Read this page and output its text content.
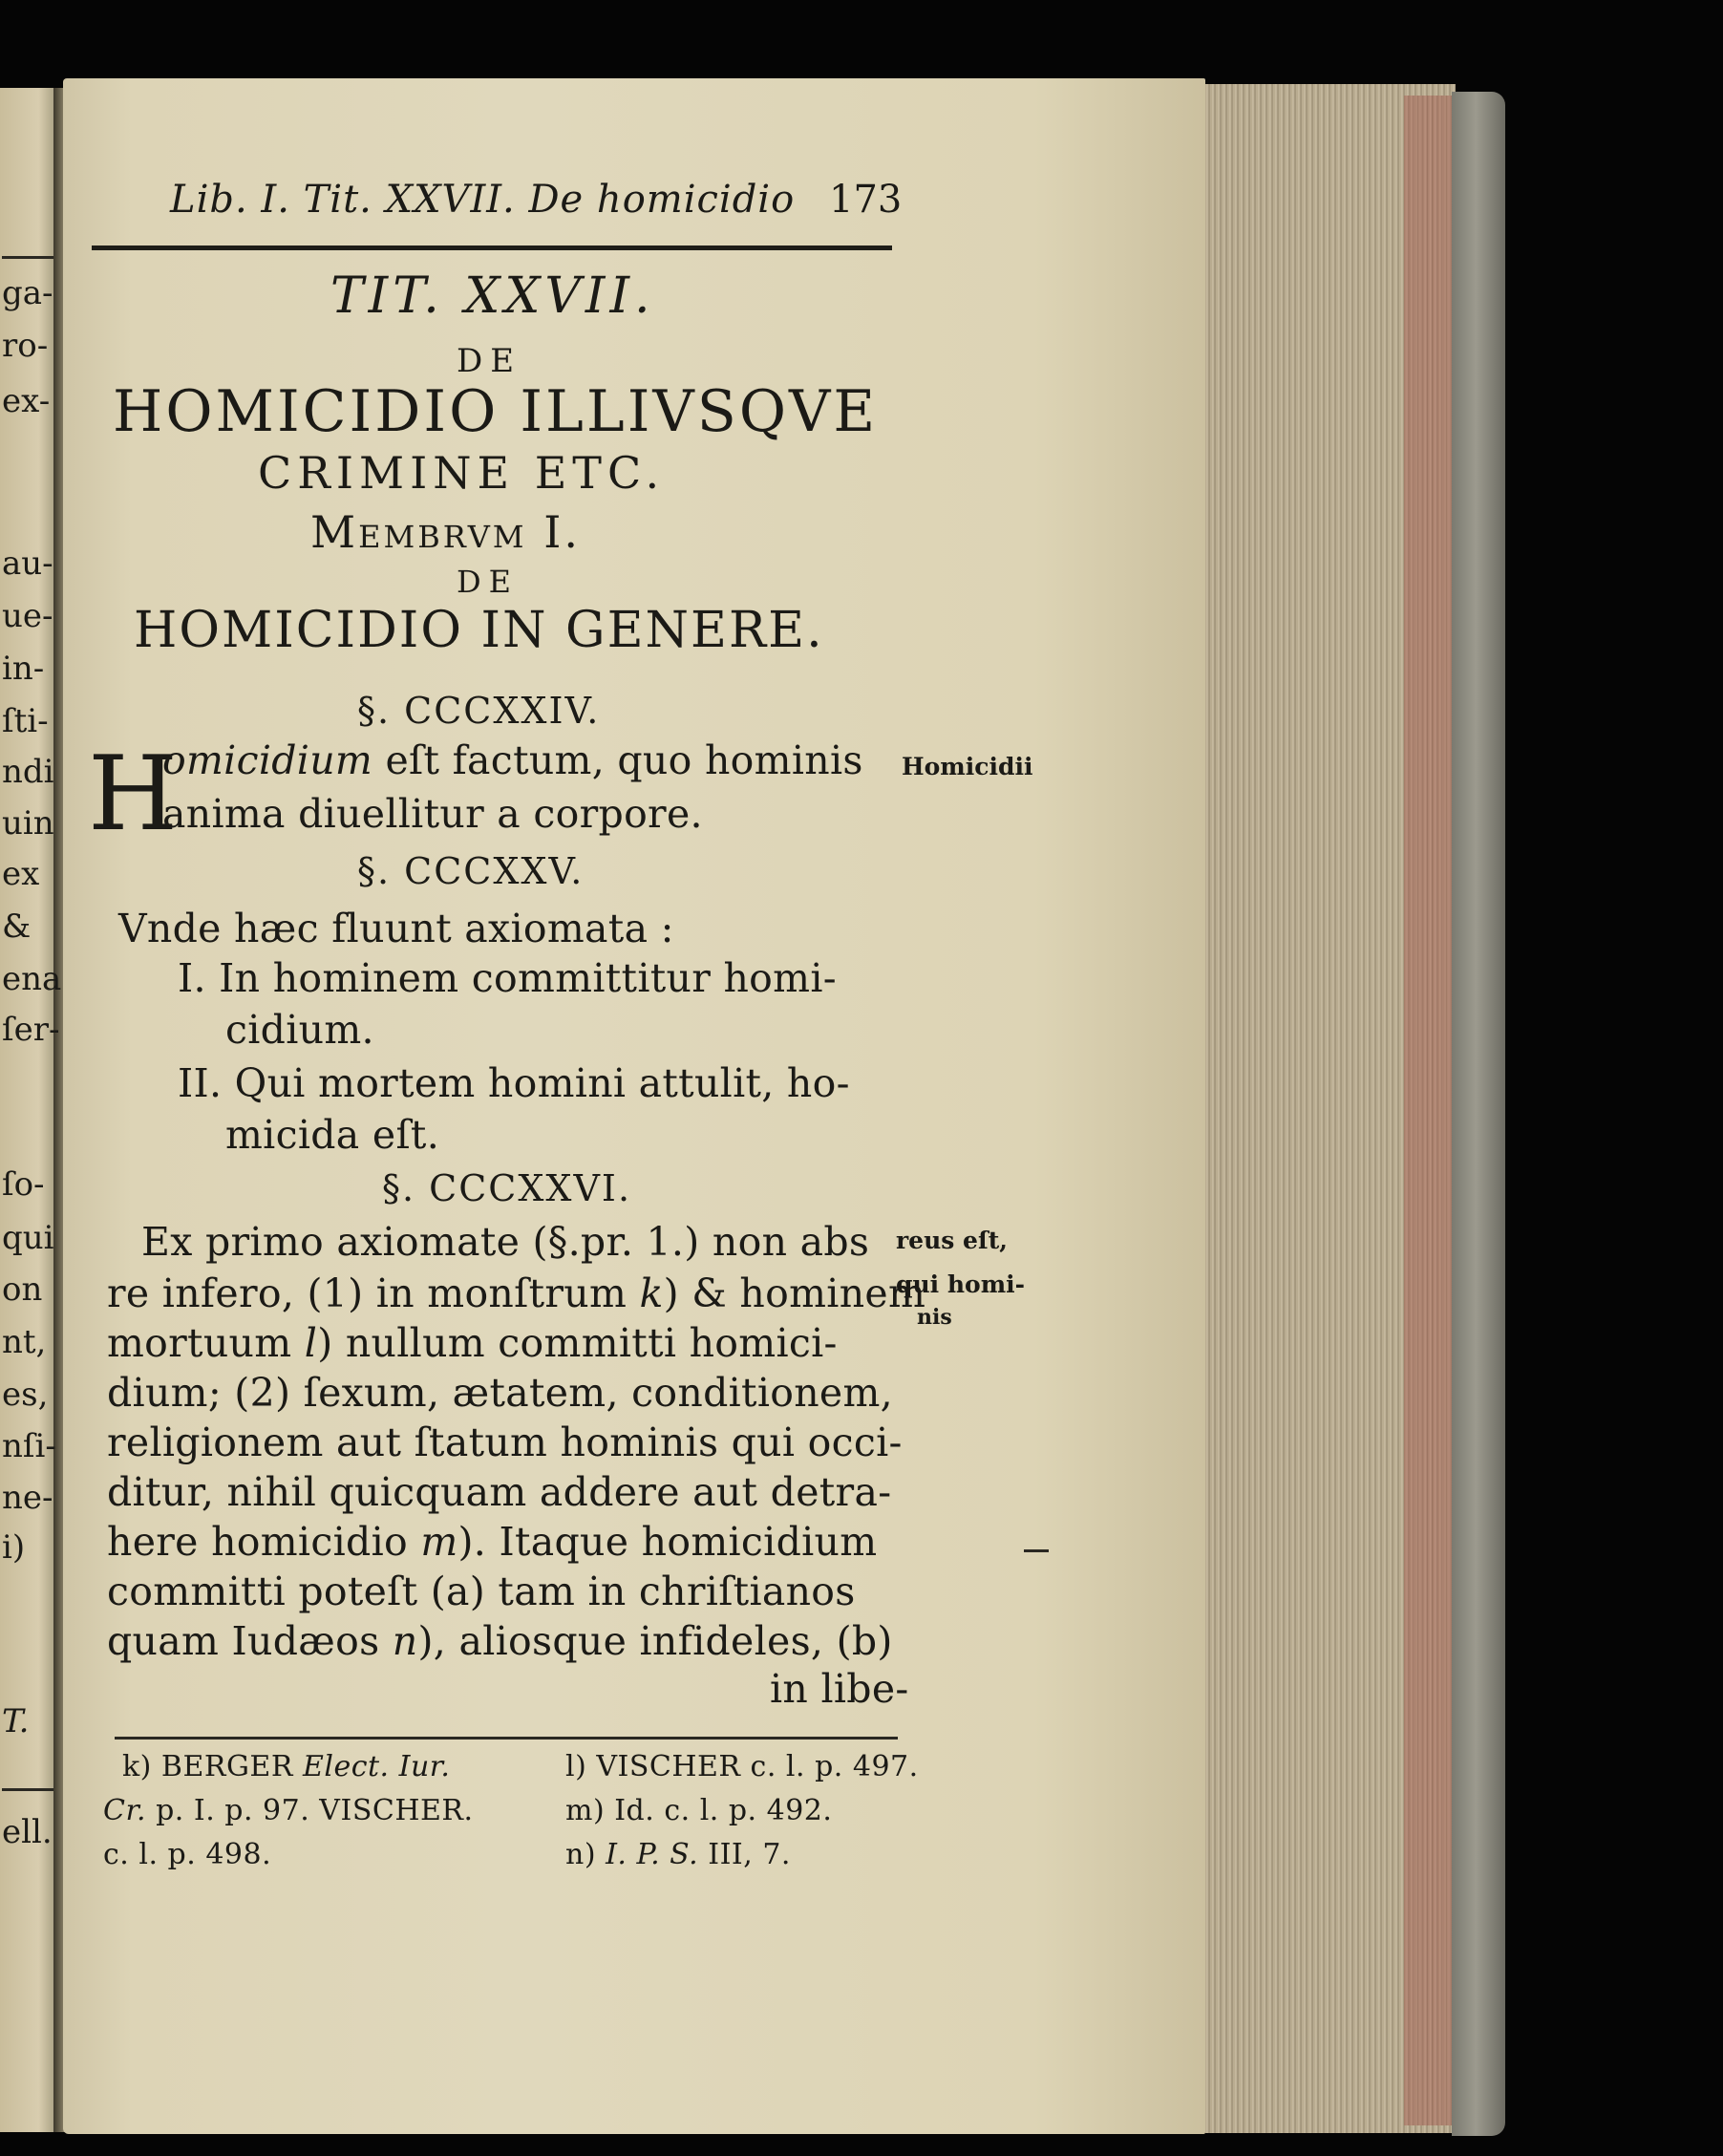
ga-
ro-
ex-
au-
ue-
in-
ſti-
ndi
uin
ex
&
ena
ſer-
ſo-
qui
on
nt,
es,
nſi-
ne-
i)
T.
ell.
Lib. I. Tit. XXVII. De homicidio 173
TIT. XXVII.
DE
HOMICIDIO ILLIVSQVE
CRIMINE ETC.
Membrvm I.
DE
HOMICIDIO IN GENERE.
§. CCCXXIV.
H
omicidium eſt factum, quo hominis Homicidii
anima diuellitur a corpore.
§. CCCXXV.
Vnde hæc fluunt axiomata :
I. In hominem committitur homi-
cidium.
II. Qui mortem homini attulit, ho-
micida eſt.
§. CCCXXVI.
Ex primo axiomate (§.pr. 1.) non abs reus eſt,
re infero, (1) in monſtrum k) & hominem
qui homi-
mortuum l) nullum committi homici-
nis
dium; (2) ſexum, ætatem, conditionem,
religionem aut ſtatum hominis qui occi-
ditur, nihil quicquam addere aut detra-
here homicidio m). Itaque homicidium
committi poteſt (a) tam in chriſtianos
quam Iudæos n), aliosque infideles, (b)
in libe-
k) BERGER Elect. Iur.
Cr. p. I. p. 97. VISCHER.
c. l. p. 498.
l) VISCHER c. l. p. 497.
m) Id. c. l. p. 492.
n) I. P. S. III, 7.
